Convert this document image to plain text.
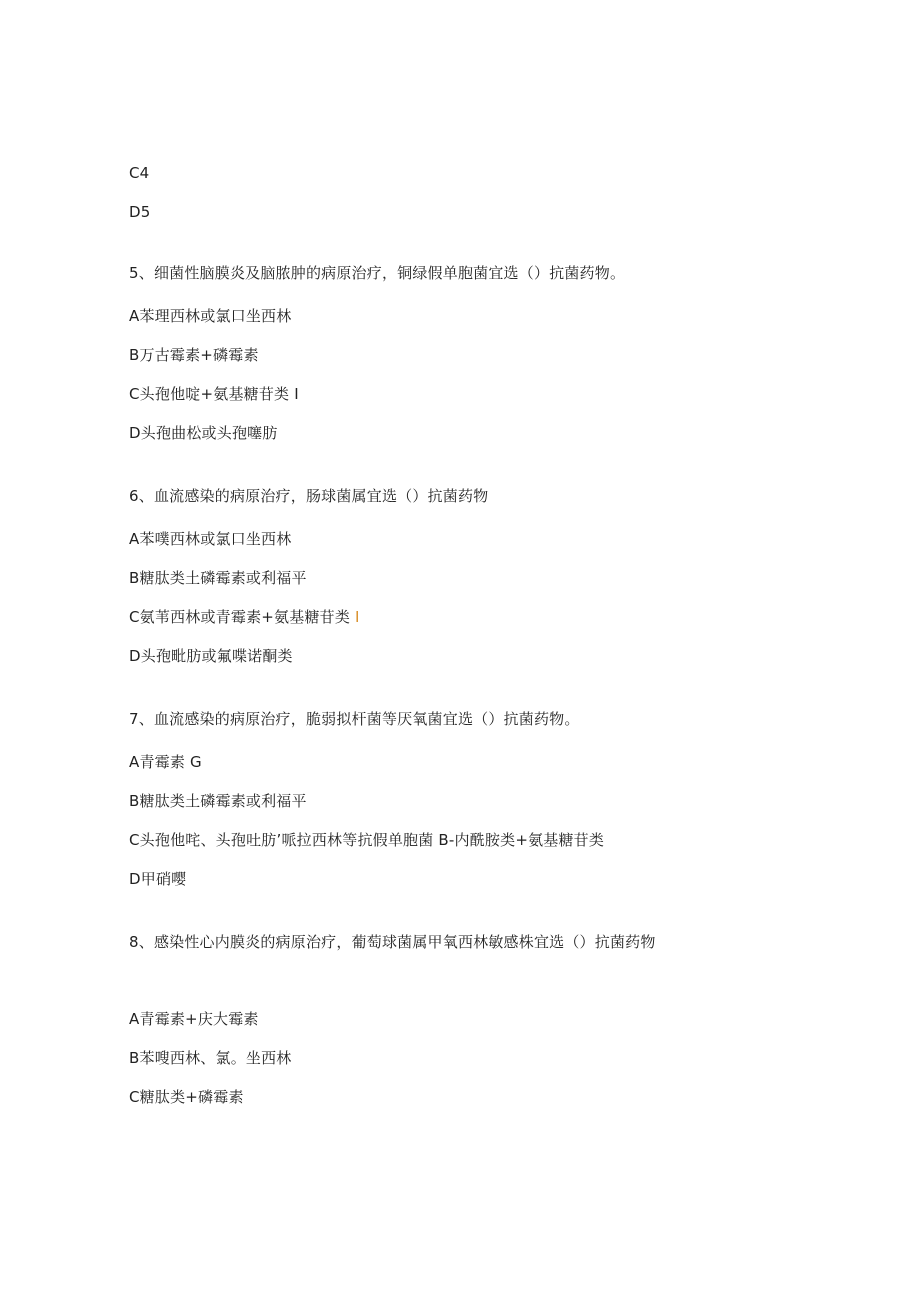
C4
D5
5、细菌性脑膜炎及脑脓肿的病原治疗，铜绿假单胞菌宜选（）抗菌药物。
A苯理西林或氯口坐西林
B万古霉素+磷霉素
C头孢他啶+氨基糖苷类 I
D头孢曲松或头孢噻肪
6、血流感染的病原治疗，肠球菌属宜选（）抗菌药物
A苯噗西林或氯口坐西林
B糖肽类土磷霉素或利福平
C氨苇西林或青霉素+氨基糖苷类 I
D头孢毗肪或氟喋诺酮类
7、血流感染的病原治疗，脆弱拟杆菌等厌氧菌宜选（）抗菌药物。
A青霉素 G
B糖肽类土磷霉素或利福平
C头孢他咤、头孢吐肪’哌拉西林等抗假单胞菌 B-内酰胺类+氨基糖苷类
D甲硝嘤
8、感染性心内膜炎的病原治疗，葡萄球菌属甲氧西林敏感株宜选（）抗菌药物
A青霉素+庆大霉素
B苯嗖西林、氯。坐西林
C糖肽类+磷霉素
